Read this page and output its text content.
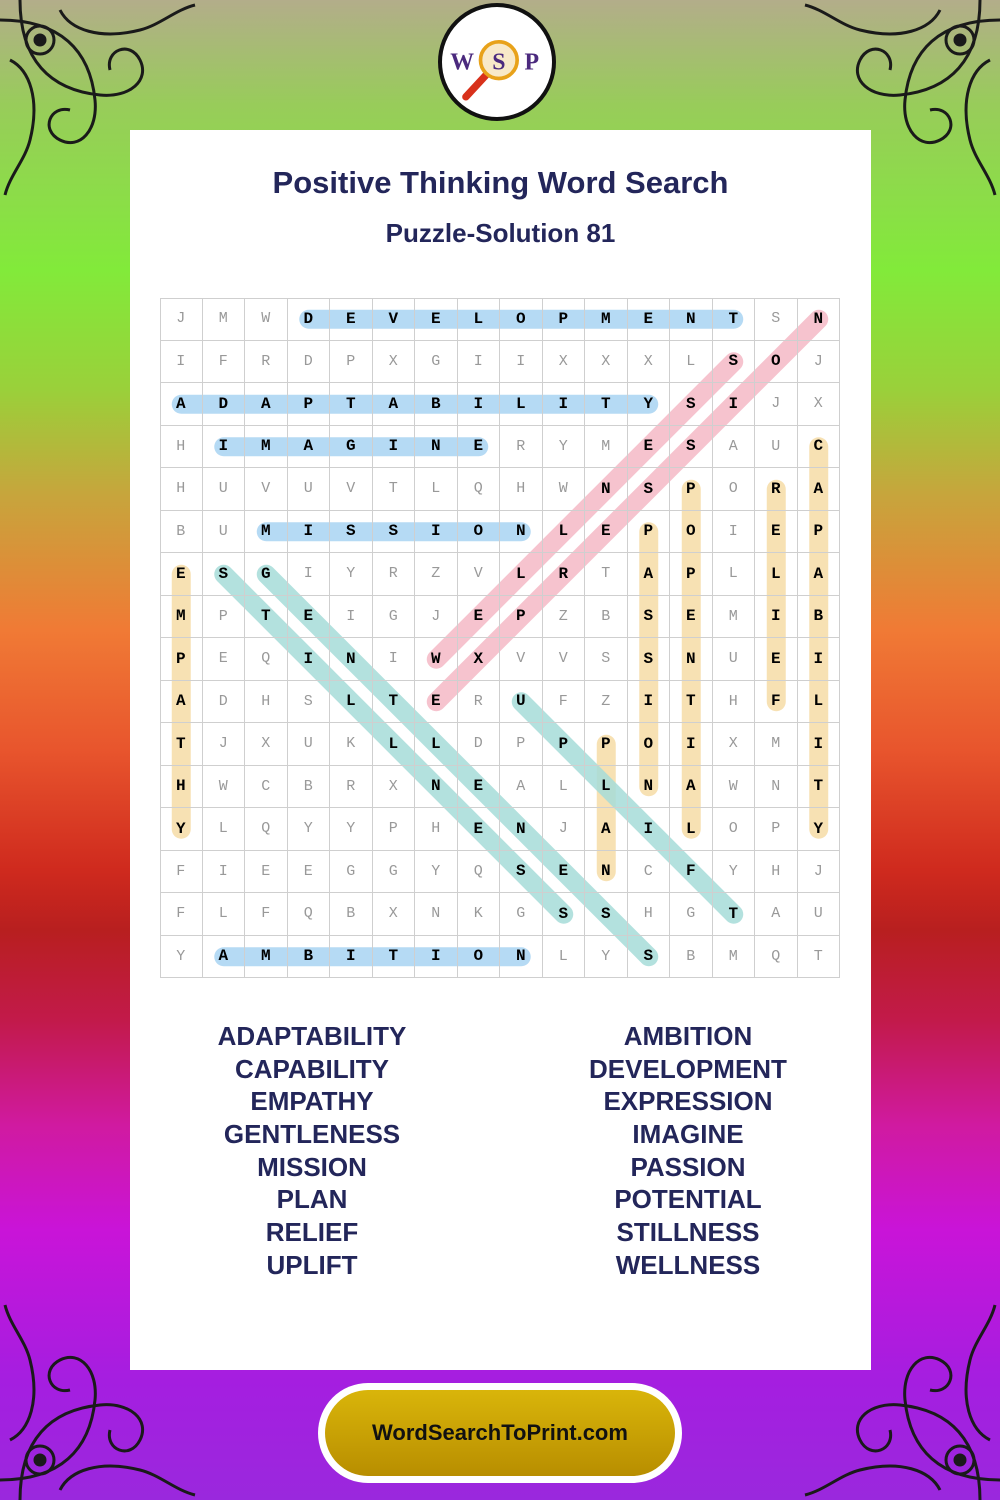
W S P
Positive Thinking Word Search
Puzzle-Solution 81
J	M	W	D	E	V	E	L	O	P	M	E	N	T	S	N
I	F	R	D	P	X	G	I	I	X	X	X	L	S	O	J
A	D	A	P	T	A	B	I	L	I	T	Y	S	I	J	X
H	I	M	A	G	I	N	E	R	Y	M	E	S	A	U	C
H	U	V	U	V	T	L	Q	H	W	N	S	P	O	R	A
B	U	M	I	S	S	I	O	N	L	E	P	O	I	E	P
E	S	G	I	Y	R	Z	V	L	R	T	A	P	L	L	A
M	P	T	E	I	G	J	E	P	Z	B	S	E	M	I	B
P	E	Q	I	N	I	W	X	V	V	S	S	N	U	E	I
A	D	H	S	L	T	E	R	U	F	Z	I	T	H	F	L
T	J	X	U	K	L	L	D	P	P	P	O	I	X	M	I
H	W	C	B	R	X	N	E	A	L	L	N	A	W	N	T
Y	L	Q	Y	Y	P	H	E	N	J	A	I	L	O	P	Y
F	I	E	E	G	G	Y	Q	S	E	N	C	F	Y	H	J
F	L	F	Q	B	X	N	K	G	S	S	H	G	T	A	U
Y	A	M	B	I	T	I	O	N	L	Y	S	B	M	Q	T
ADAPTABILITY
CAPABILITY
EMPATHY
GENTLENESS
MISSION
PLAN
RELIEF
UPLIFT
AMBITION
DEVELOPMENT
EXPRESSION
IMAGINE
PASSION
POTENTIAL
STILLNESS
WELLNESS
WordSearchToPrint.com
